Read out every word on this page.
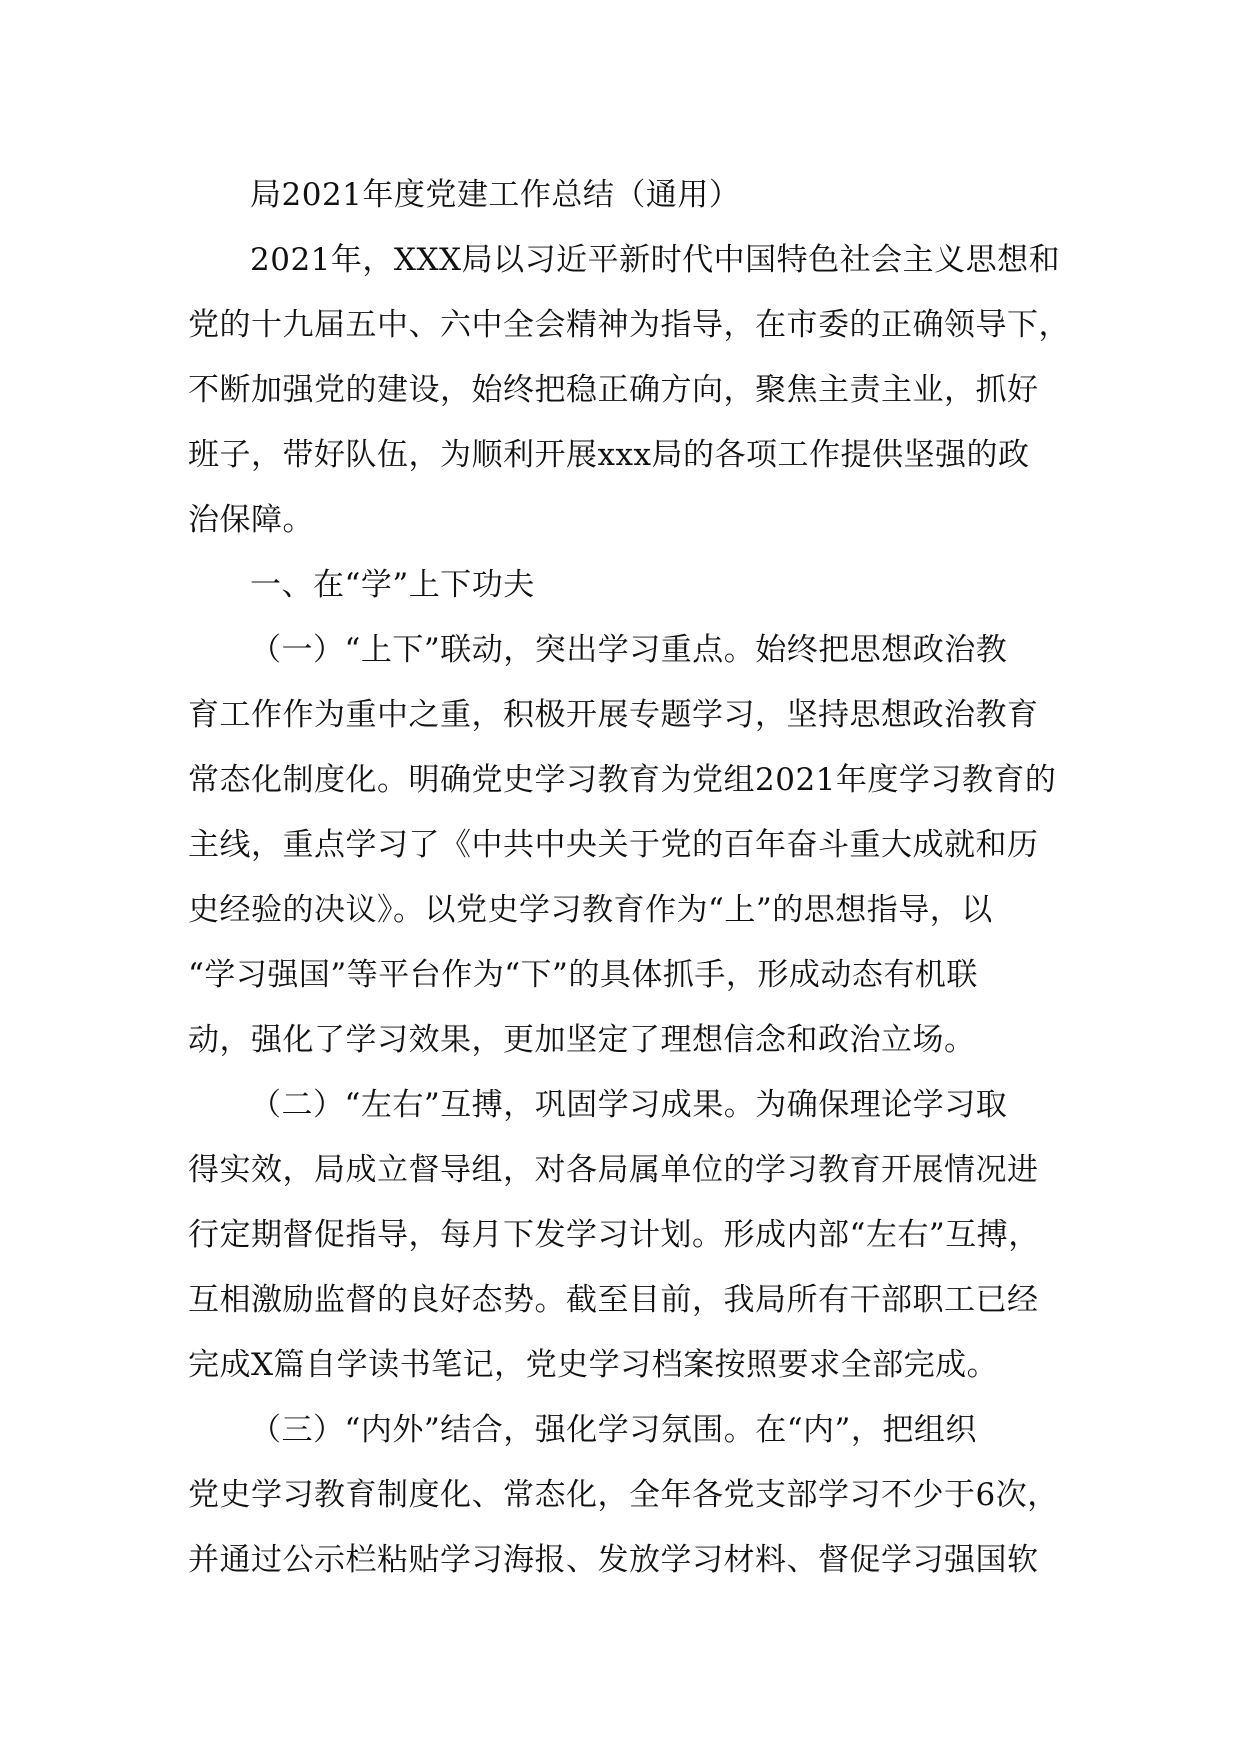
局2021年度党建工作总结（通用）
2021年，XXX局以习近平新时代中国特色社会主义思想和
党的十九届五中、六中全会精神为指导，在市委的正确领导下，
不断加强党的建设，始终把稳正确方向，聚焦主责主业，抓好
班子，带好队伍，为顺利开展xxx局的各项工作提供坚强的政
治保障。
一、在“学”上下功夫
（一）“上下”联动，突出学习重点。始终把思想政治教
育工作作为重中之重，积极开展专题学习，坚持思想政治教育
常态化制度化。明确党史学习教育为党组2021年度学习教育的
主线，重点学习了《中共中央关于党的百年奋斗重大成就和历
史经验的决议》。以党史学习教育作为“上”的思想指导，以
“学习强国”等平台作为“下”的具体抓手，形成动态有机联
动，强化了学习效果，更加坚定了理想信念和政治立场。
（二）“左右”互搏，巩固学习成果。为确保理论学习取
得实效，局成立督导组，对各局属单位的学习教育开展情况进
行定期督促指导，每月下发学习计划。形成内部“左右”互搏，
互相激励监督的良好态势。截至目前，我局所有干部职工已经
完成X篇自学读书笔记，党史学习档案按照要求全部完成。
（三）“内外”结合，强化学习氛围。在“内”，把组织
党史学习教育制度化、常态化，全年各党支部学习不少于6次，
并通过公示栏粘贴学习海报、发放学习材料、督促学习强国软
